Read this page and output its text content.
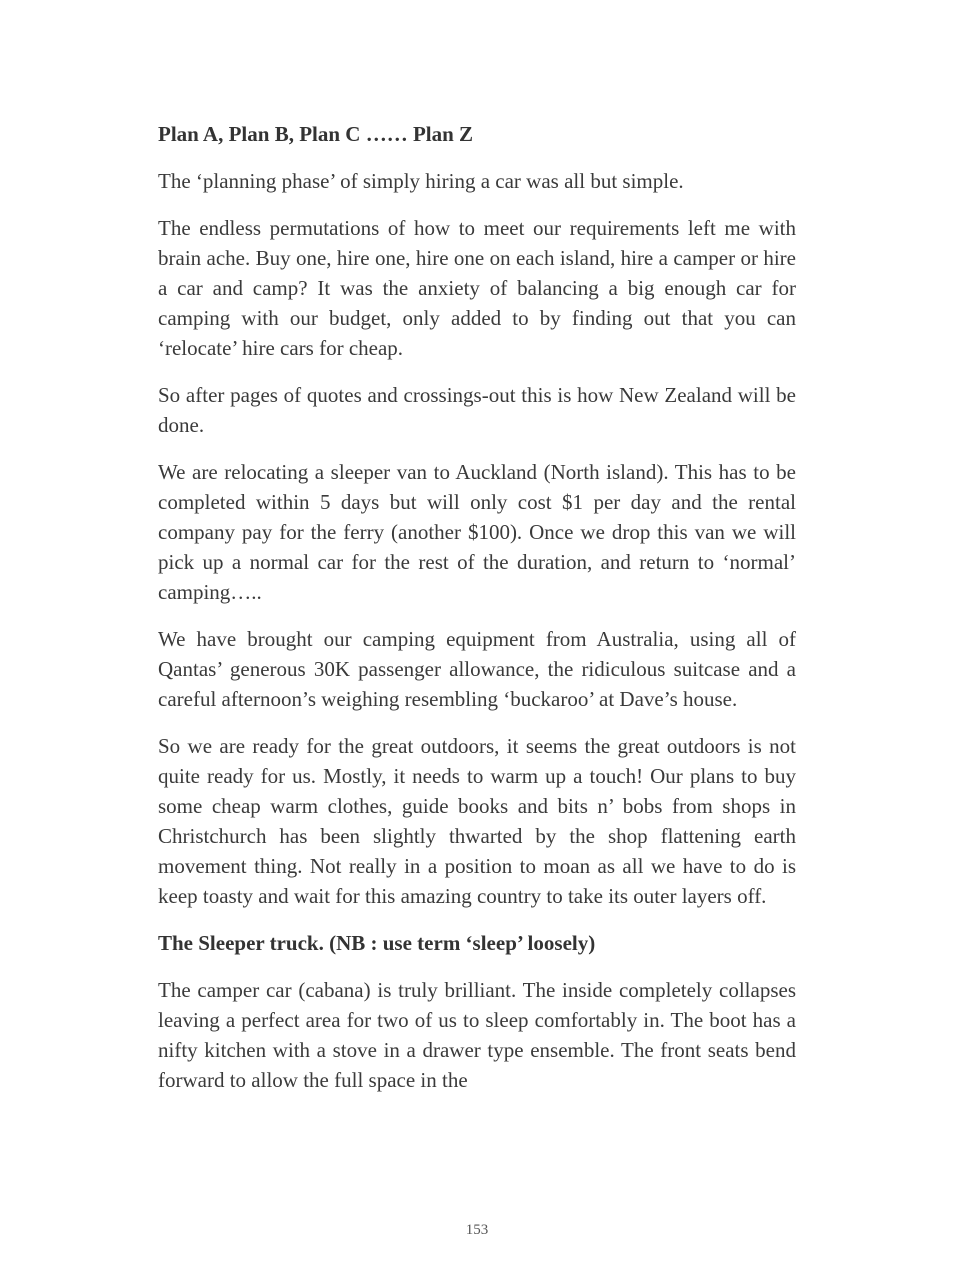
Plan A, Plan B, Plan C …… Plan Z

The ‘planning phase’ of simply hiring a car was all but simple.

The endless permutations of how to meet our requirements left me with brain ache. Buy one, hire one, hire one on each island, hire a camper or hire a car and camp? It was the anxiety of balancing a big enough car for camping with our budget, only added to by finding out that you can ‘relocate’ hire cars for cheap.

So after pages of quotes and crossings-out this is how New Zealand will be done.

We are relocating a sleeper van to Auckland (North island). This has to be completed within 5 days but will only cost $1 per day and the rental company pay for the ferry (another $100). Once we drop this van we will pick up a normal car for the rest of the duration, and return to ‘normal’ camping…..

We have brought our camping equipment from Australia, using all of Qantas’ generous 30K passenger allowance, the ridiculous suitcase and a careful afternoon’s weighing resembling ‘buckaroo’ at Dave’s house.

So we are ready for the great outdoors, it seems the great outdoors is not quite ready for us. Mostly, it needs to warm up a touch! Our plans to buy some cheap warm clothes, guide books and bits n’ bobs from shops in Christchurch has been slightly thwarted by the shop flattening earth movement thing. Not really in a position to moan as all we have to do is keep toasty and wait for this amazing country to take its outer layers off.

The Sleeper truck. (NB : use term ‘sleep’ loosely)

The camper car (cabana) is truly brilliant. The inside completely collapses leaving a perfect area for two of us to sleep comfortably in. The boot has a nifty kitchen with a stove in a drawer type ensemble. The front seats bend forward to allow the full space in the

153
